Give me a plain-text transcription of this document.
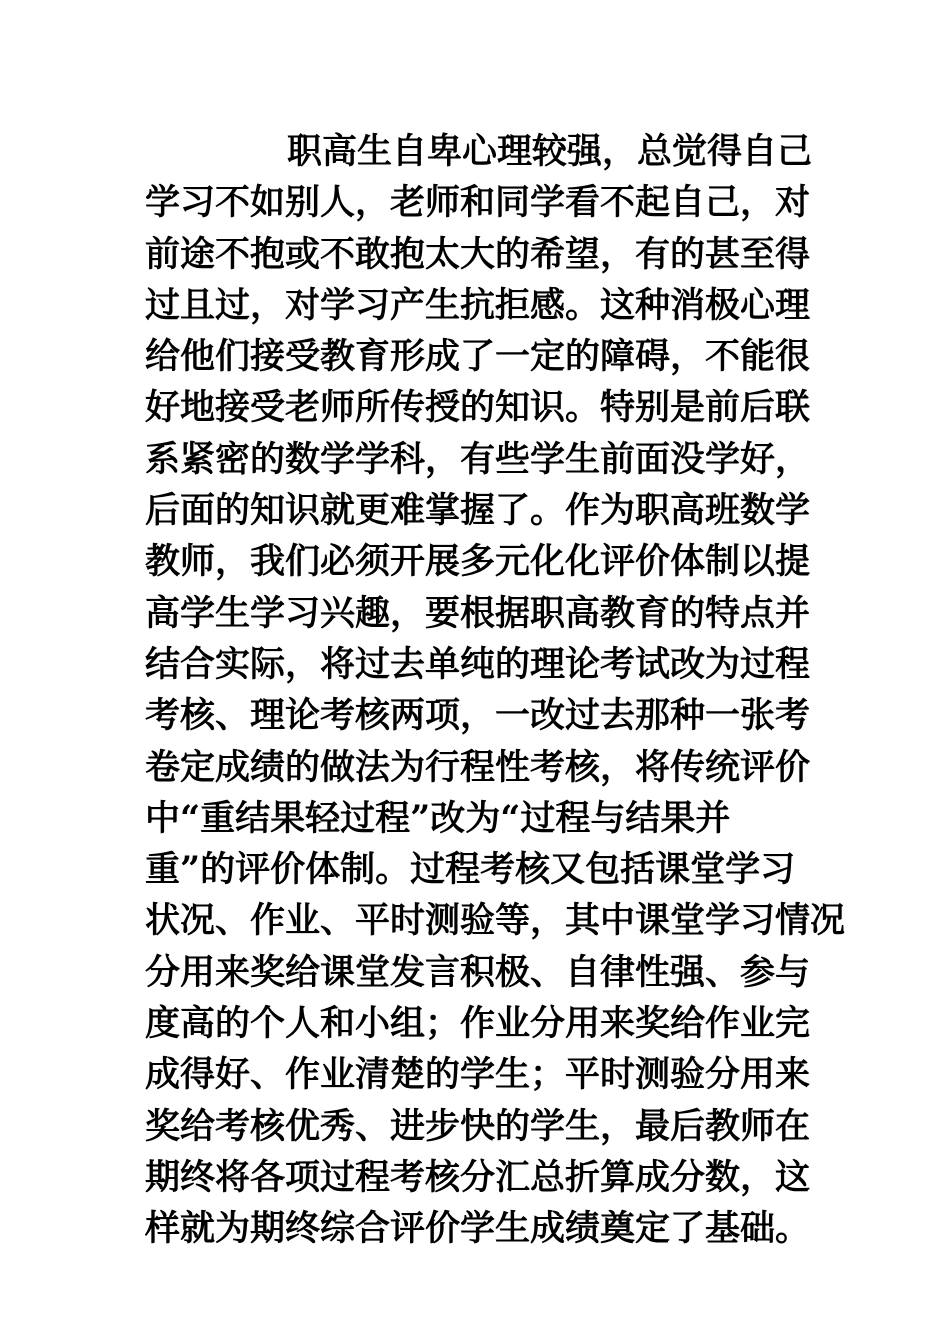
职高生自卑心理较强，总觉得自己
学习不如别人，老师和同学看不起自己，对
前途不抱或不敢抱太大的希望，有的甚至得
过且过，对学习产生抗拒感。这种消极心理
给他们接受教育形成了一定的障碍，不能很
好地接受老师所传授的知识。特别是前后联
系紧密的数学学科，有些学生前面没学好，
后面的知识就更难掌握了。作为职高班数学
教师，我们必须开展多元化化评价体制以提
高学生学习兴趣，要根据职高教育的特点并
结合实际，将过去单纯的理论考试改为过程
考核、理论考核两项，一改过去那种一张考
卷定成绩的做法为行程性考核，将传统评价
中“重结果轻过程”改为“过程与结果并
重”的评价体制。过程考核又包括课堂学习
状况、作业、平时测验等，其中课堂学习情况
分用来奖给课堂发言积极、自律性强、参与
度高的个人和小组；作业分用来奖给作业完
成得好、作业清楚的学生；平时测验分用来
奖给考核优秀、进步快的学生，最后教师在
期终将各项过程考核分汇总折算成分数，这
样就为期终综合评价学生成绩奠定了基础。
